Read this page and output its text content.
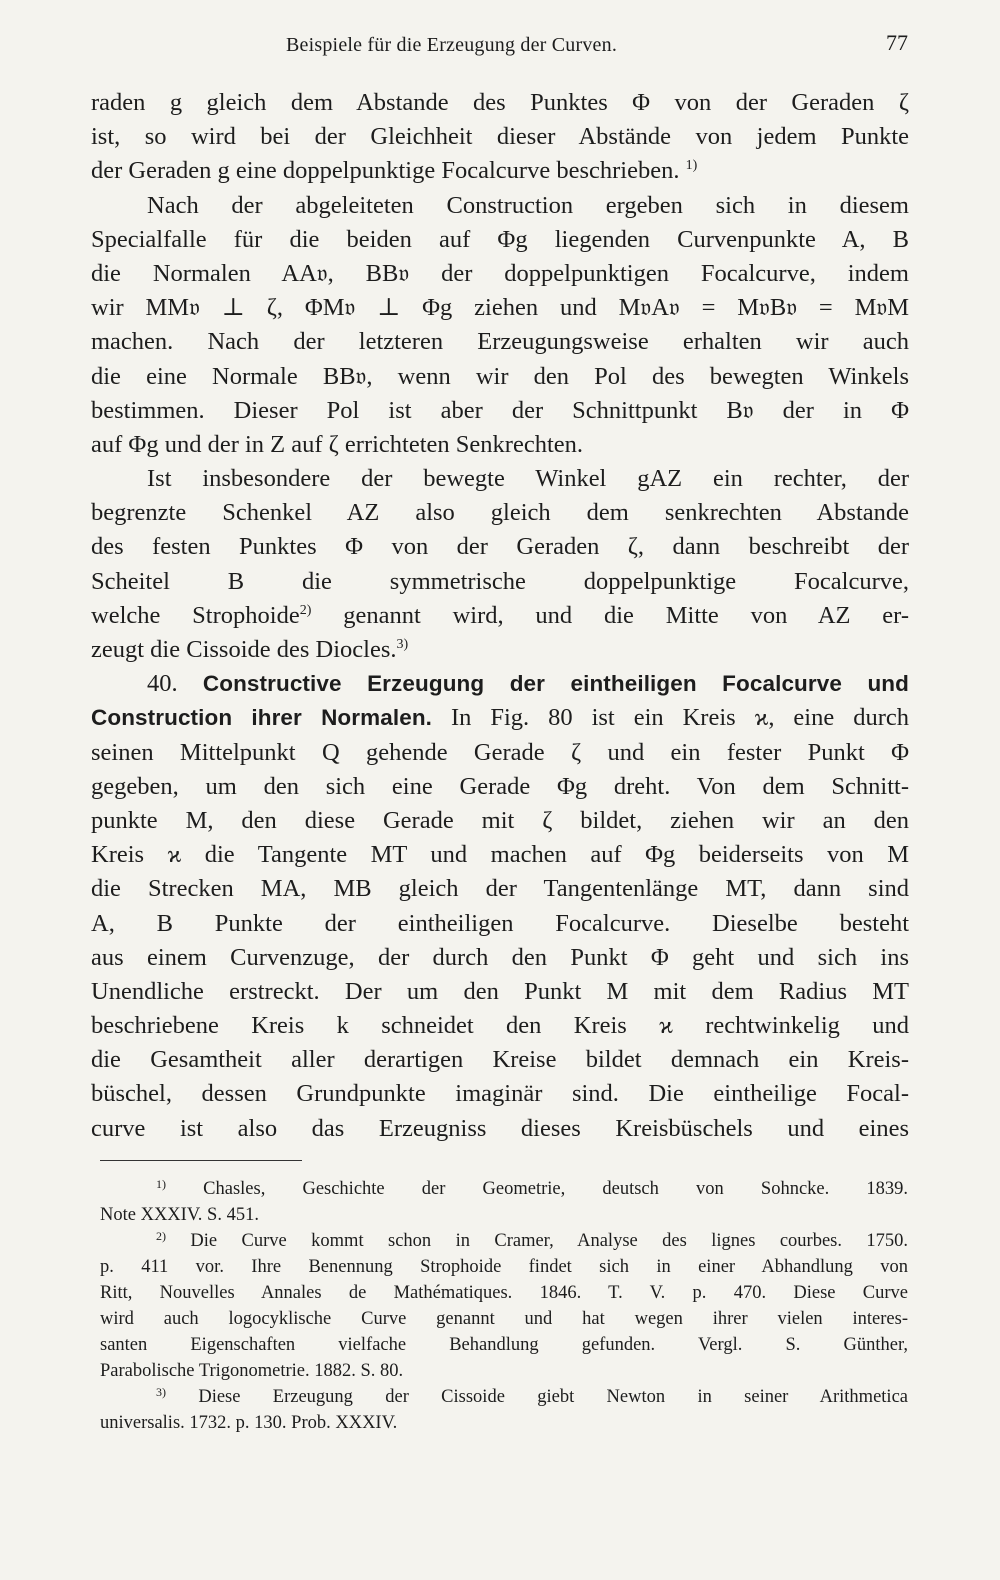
Beispiele für die Erzeugung der Curven.	77
raden g gleich dem Abstande des Punktes Φ von der Geraden ζ
ist, so wird bei der Gleichheit dieser Abstände von jedem Punkte
der Geraden g eine doppelpunktige Focalcurve beschrieben. $^{1)}$
Nach der abgeleiteten Construction ergeben sich in diesem
Specialfalle für die beiden auf Φg liegenden Curvenpunkte A, B
die Normalen AA𝔳, BB𝔳 der doppelpunktigen Focalcurve, indem
wir MM𝔳 ⊥ ζ, ΦM𝔳 ⊥ Φg ziehen und M𝔳A𝔳 = M𝔳B𝔳 = M𝔳M
machen. Nach der letzteren Erzeugungsweise erhalten wir auch
die eine Normale BB𝔳, wenn wir den Pol des bewegten Winkels
bestimmen. Dieser Pol ist aber der Schnittpunkt B𝔳 der in Φ
auf Φg und der in Z auf ζ errichteten Senkrechten.
Ist insbesondere der bewegte Winkel gAZ ein rechter, der
begrenzte Schenkel AZ also gleich dem senkrechten Abstande
des festen Punktes Φ von der Geraden ζ, dann beschreibt der
Scheitel B die symmetrische doppelpunktige Focalcurve,
welche Strophoide$^{2)}$ genannt wird, und die Mitte von AZ er-
zeugt die Cissoide des Diocles.$^{3)}$
40. Constructive Erzeugung der eintheiligen Focalcurve und
Construction ihrer Normalen. In Fig. 80 ist ein Kreis ϰ, eine durch
seinen Mittelpunkt Q gehende Gerade ζ und ein fester Punkt Φ
gegeben, um den sich eine Gerade Φg dreht. Von dem Schnitt-
punkte M, den diese Gerade mit ζ bildet, ziehen wir an den
Kreis ϰ die Tangente MT und machen auf Φg beiderseits von M
die Strecken MA, MB gleich der Tangentenlänge MT, dann sind
A, B Punkte der eintheiligen Focalcurve. Dieselbe besteht
aus einem Curvenzuge, der durch den Punkt Φ geht und sich ins
Unendliche erstreckt. Der um den Punkt M mit dem Radius MT
beschriebene Kreis k schneidet den Kreis ϰ rechtwinkelig und
die Gesamtheit aller derartigen Kreise bildet demnach ein Kreis-
büschel, dessen Grundpunkte imaginär sind. Die eintheilige Focal-
curve ist also das Erzeugniss dieses Kreisbüschels und eines
$^{1)}$ Chasles, Geschichte der Geometrie, deutsch von Sohncke. 1839.
Note XXXIV. S. 451.
$^{2)}$ Die Curve kommt schon in Cramer, Analyse des lignes courbes. 1750.
p. 411 vor. Ihre Benennung Strophoide findet sich in einer Abhandlung von
Ritt, Nouvelles Annales de Mathématiques. 1846. T. V. p. 470. Diese Curve
wird auch logocyklische Curve genannt und hat wegen ihrer vielen interes-
santen Eigenschaften vielfache Behandlung gefunden. Vergl. S. Günther,
Parabolische Trigonometrie. 1882. S. 80.
$^{3)}$ Diese Erzeugung der Cissoide giebt Newton in seiner Arithmetica
universalis. 1732. p. 130. Prob. XXXIV.
